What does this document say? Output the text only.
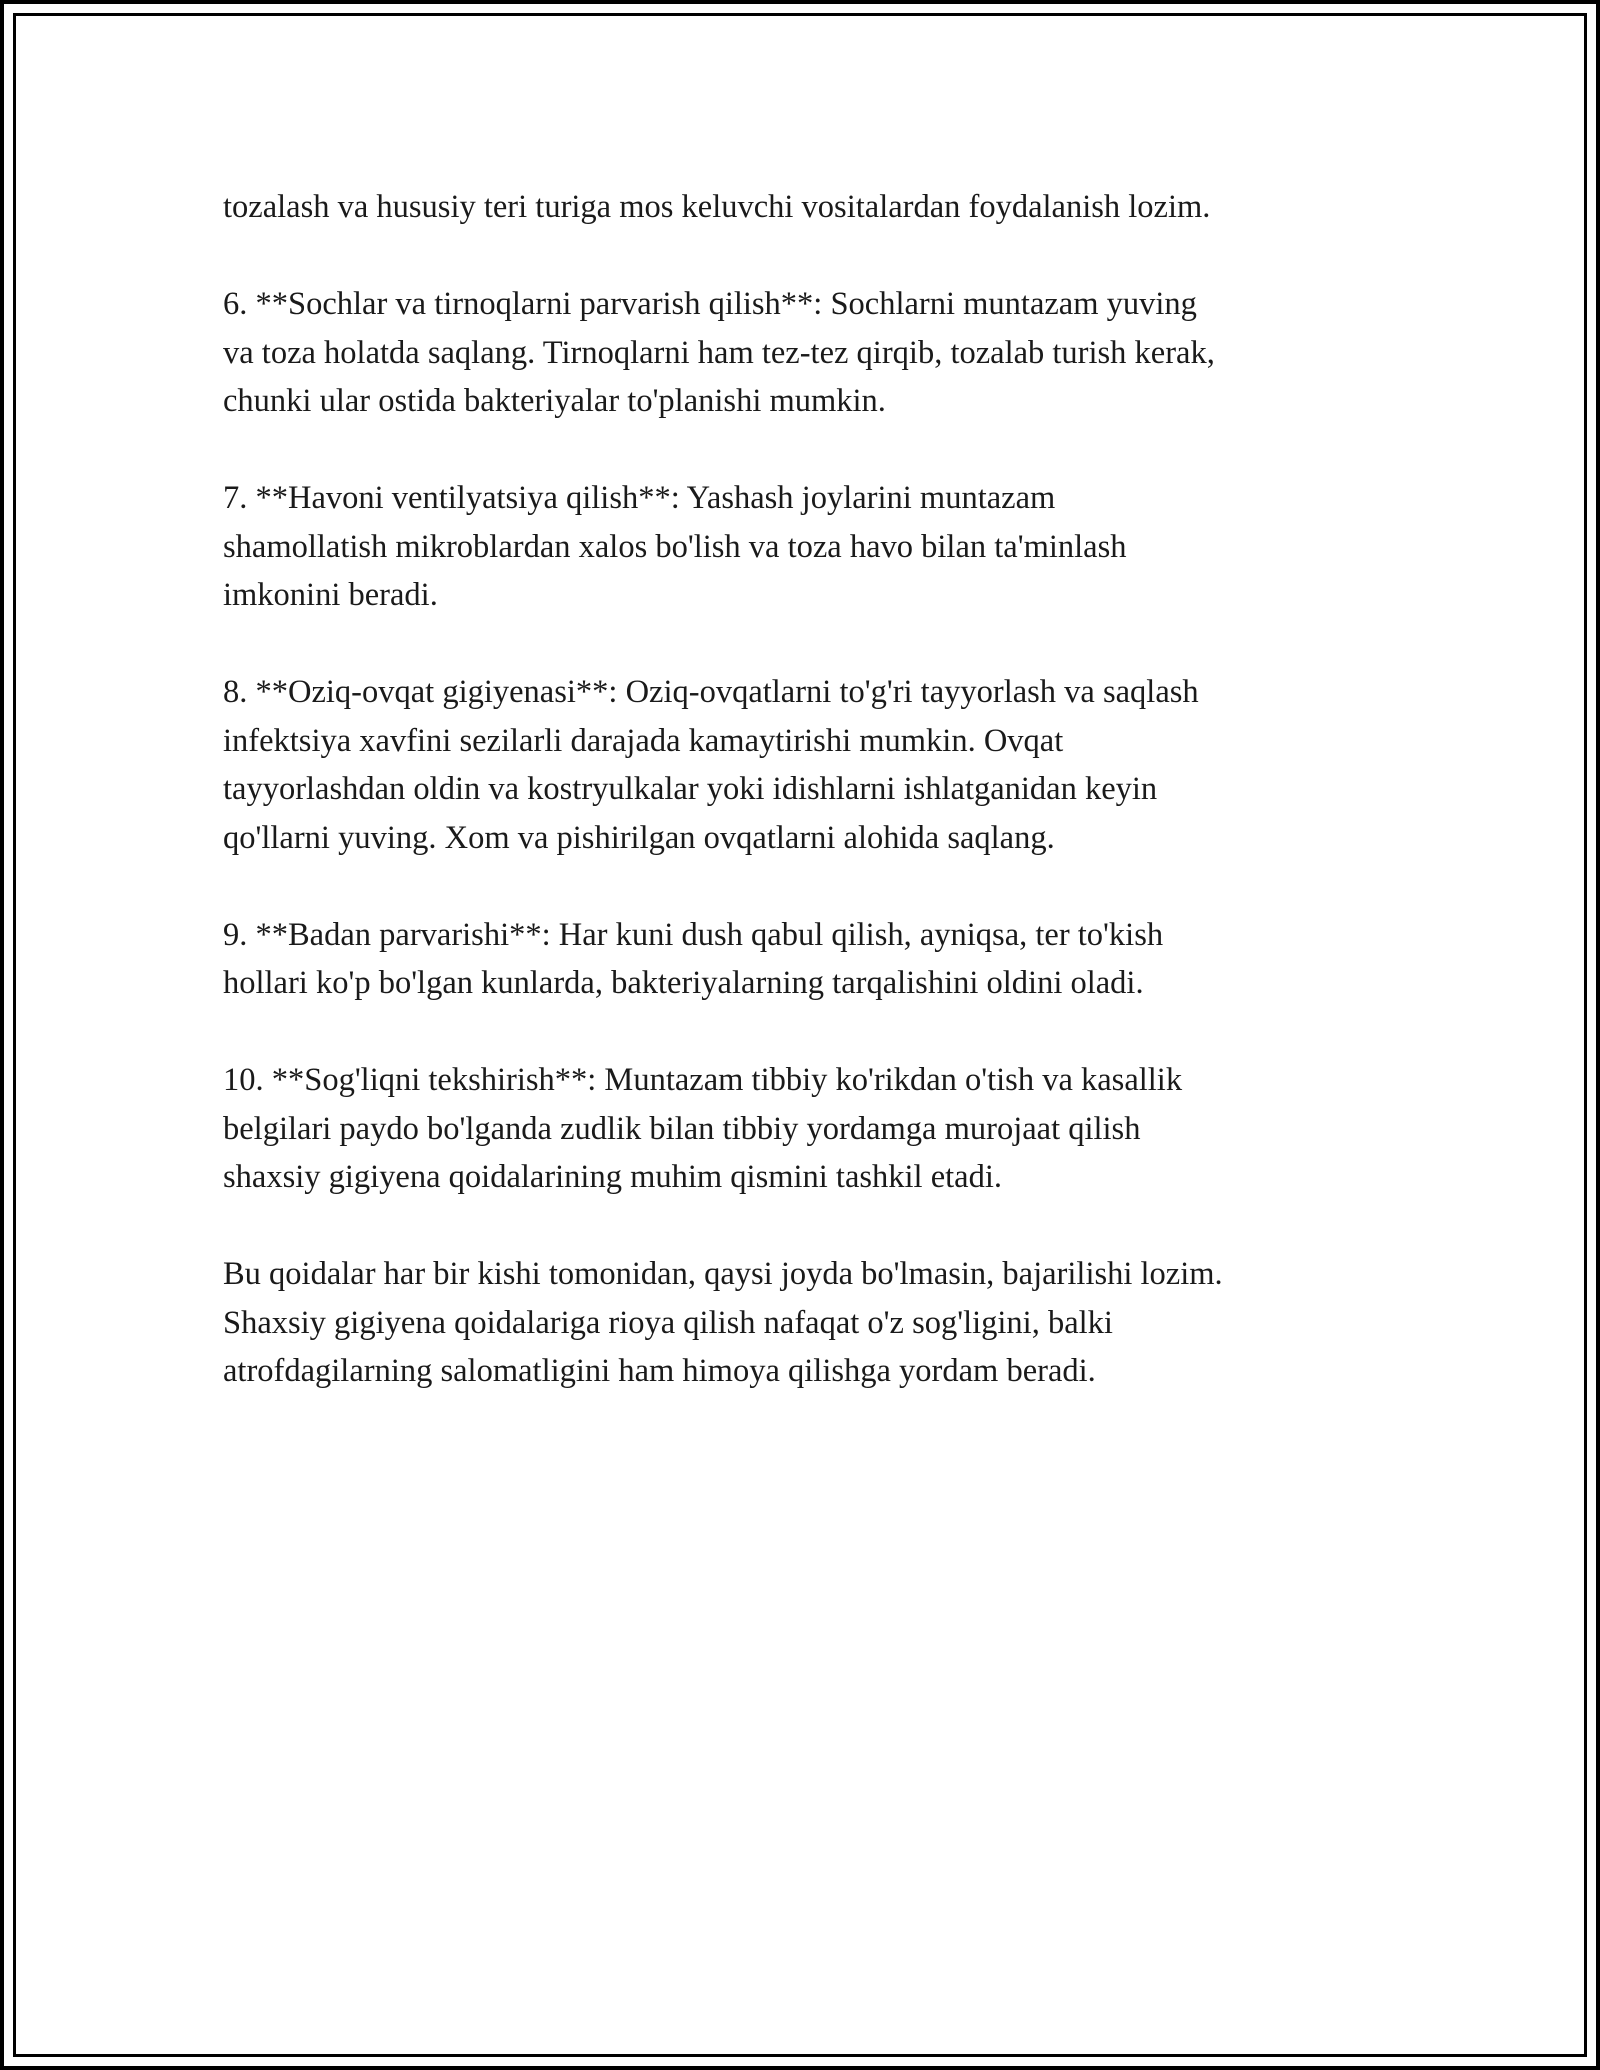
tozalash va hususiy teri turiga mos keluvchi vositalardan foydalanish lozim.

6. **Sochlar va tirnoqlarni parvarish qilish**: Sochlarni muntazam yuving
va toza holatda saqlang. Tirnoqlarni ham tez-tez qirqib, tozalab turish kerak,
chunki ular ostida bakteriyalar to'planishi mumkin.

7. **Havoni ventilyatsiya qilish**: Yashash joylarini muntazam
shamollatish mikroblardan xalos bo'lish va toza havo bilan ta'minlash
imkonini beradi.

8. **Oziq-ovqat gigiyenasi**: Oziq-ovqatlarni to'g'ri tayyorlash va saqlash
infektsiya xavfini sezilarli darajada kamaytirishi mumkin. Ovqat
tayyorlashdan oldin va kostryulkalar yoki idishlarni ishlatganidan keyin
qo'llarni yuving. Xom va pishirilgan ovqatlarni alohida saqlang.

9. **Badan parvarishi**: Har kuni dush qabul qilish, ayniqsa, ter to'kish
hollari ko'p bo'lgan kunlarda, bakteriyalarning tarqalishini oldini oladi.

10. **Sog'liqni tekshirish**: Muntazam tibbiy ko'rikdan o'tish va kasallik
belgilari paydo bo'lganda zudlik bilan tibbiy yordamga murojaat qilish
shaxsiy gigiyena qoidalarining muhim qismini tashkil etadi.

Bu qoidalar har bir kishi tomonidan, qaysi joyda bo'lmasin, bajarilishi lozim.
Shaxsiy gigiyena qoidalariga rioya qilish nafaqat o'z sog'ligini, balki
atrofdagilarning salomatligini ham himoya qilishga yordam beradi.
